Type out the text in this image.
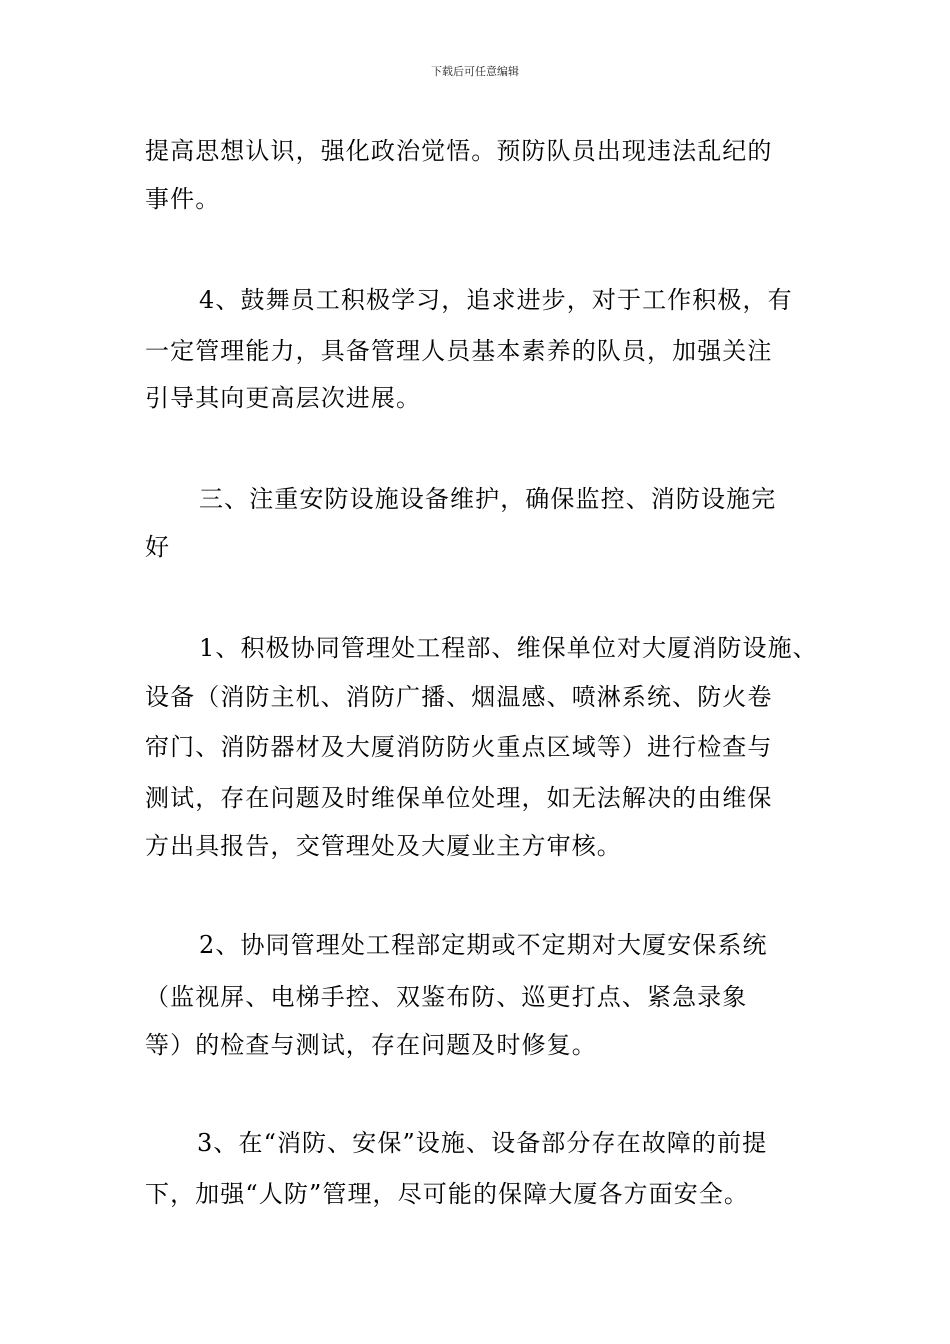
下载后可任意编辑
提高思想认识，强化政治觉悟。预防队员出现违法乱纪的
事件。
4、鼓舞员工积极学习，追求进步，对于工作积极，有
一定管理能力，具备管理人员基本素养的队员，加强关注
引导其向更高层次进展。
三、注重安防设施设备维护，确保监控、消防设施完
好
1、积极协同管理处工程部、维保单位对大厦消防设施、
设备（消防主机、消防广播、烟温感、喷淋系统、防火卷
帘门、消防器材及大厦消防防火重点区域等）进行检查与
测试，存在问题及时维保单位处理，如无法解决的由维保
方出具报告，交管理处及大厦业主方审核。
2、协同管理处工程部定期或不定期对大厦安保系统
（监视屏、电梯手控、双鉴布防、巡更打点、紧急录象
等）的检查与测试，存在问题及时修复。
3、在“消防、安保”设施、设备部分存在故障的前提
下，加强“人防”管理，尽可能的保障大厦各方面安全。
